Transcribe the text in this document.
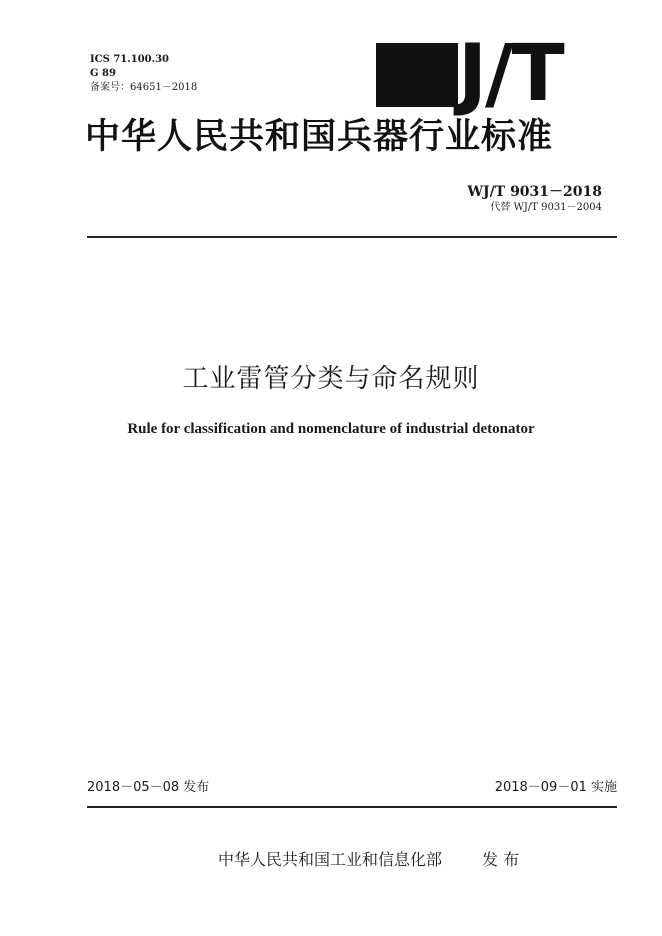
ICS 71.100.30
G 89
备案号：64651－2018	J/T
中华人民共和国兵器行业标准
WJ/T 9031－2018
代替 WJ/T 9031－2004
工业雷管分类与命名规则
Rule for classification and nomenclature of industrial detonator
2018－05－08 发布	2018－09－01 实施
中华人民共和国工业和信息化部	发 布
